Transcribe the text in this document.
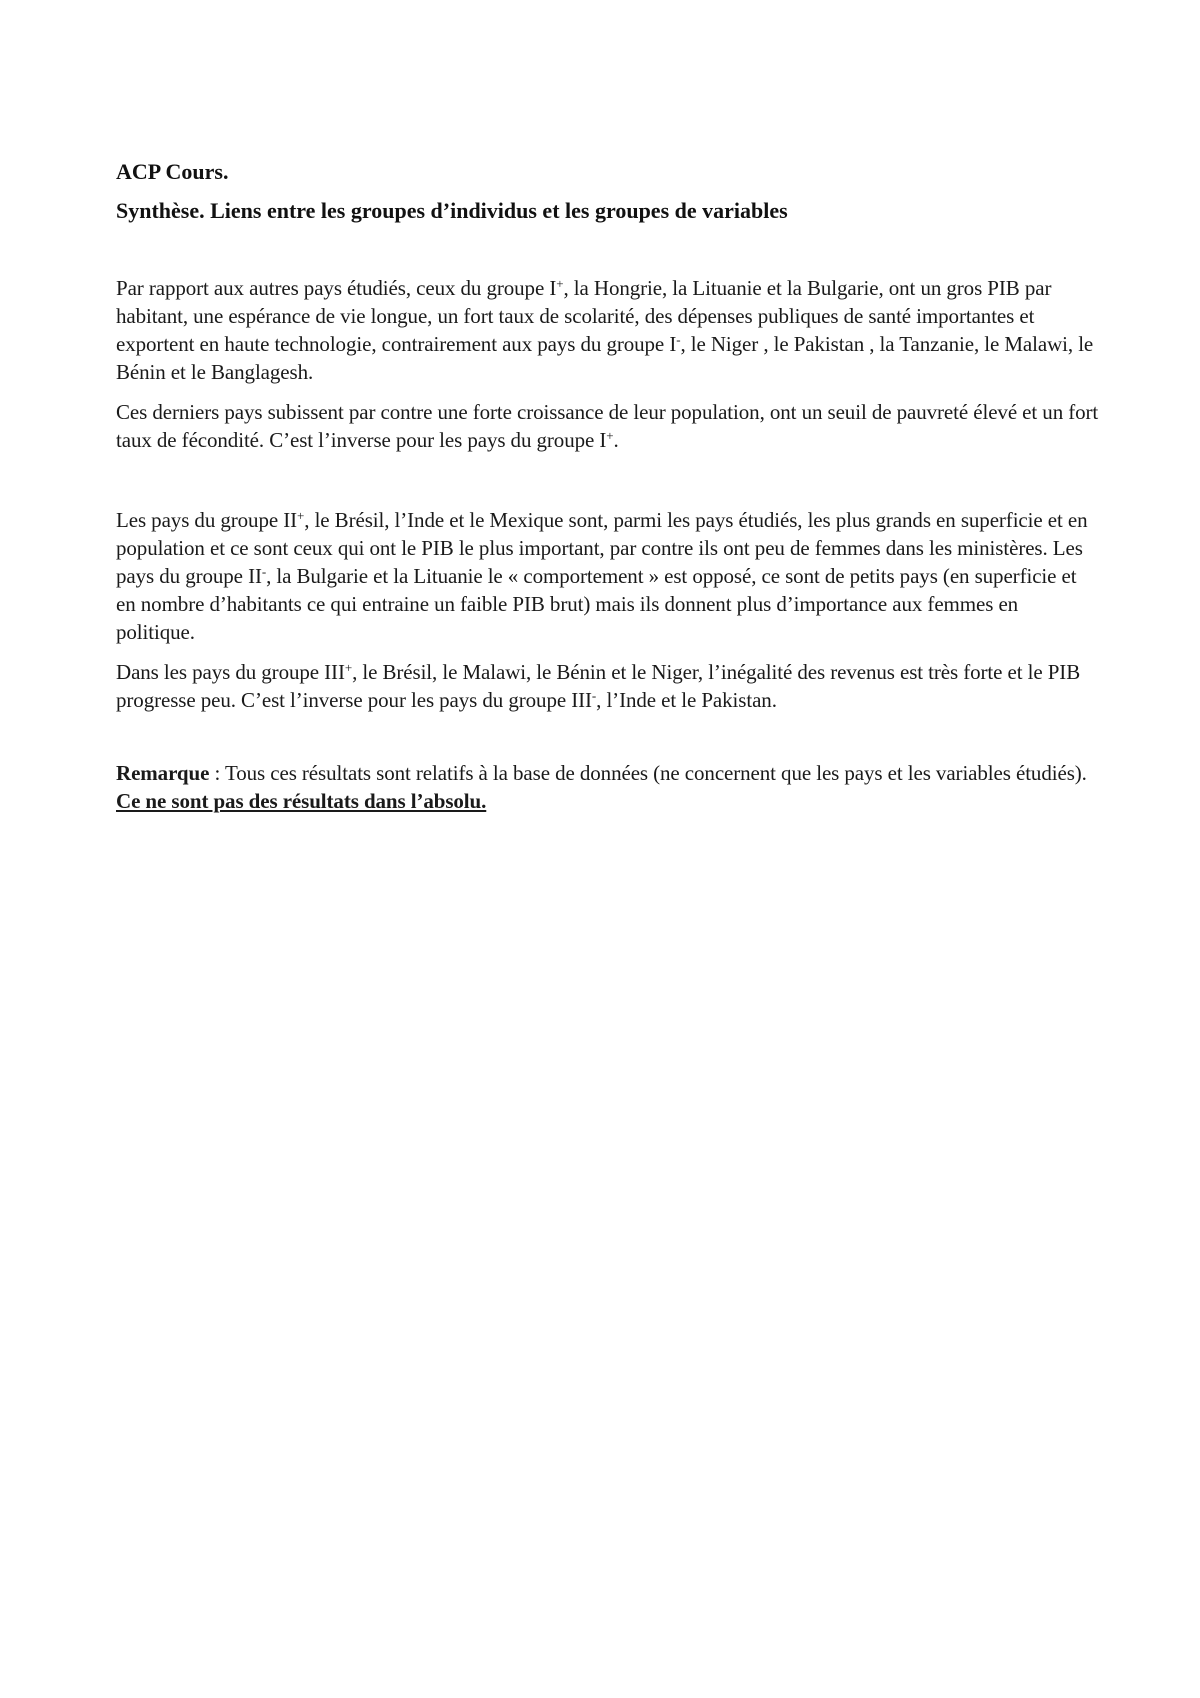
ACP Cours.
Synthèse. Liens entre les groupes d’individus et les groupes de variables

Par rapport aux autres pays étudiés, ceux du groupe I+, la Hongrie, la Lituanie et la Bulgarie, ont un gros PIB par habitant, une espérance de vie longue, un fort taux de scolarité, des dépenses publiques de santé importantes et exportent en haute technologie, contrairement aux pays du groupe I-, le Niger , le Pakistan , la Tanzanie, le Malawi, le Bénin et le Banglagesh.

Ces derniers pays subissent par contre une forte croissance de leur population, ont un seuil de pauvreté élevé et un fort taux de fécondité. C’est l’inverse pour les pays du groupe I+.

Les pays du groupe II+, le Brésil, l’Inde et le Mexique sont, parmi les pays étudiés, les plus grands en superficie et en population et ce sont ceux qui ont le PIB le plus important, par contre ils ont peu de femmes dans les ministères. Les pays du groupe II-, la Bulgarie et la Lituanie le « comportement » est opposé, ce sont de petits pays (en superficie et en nombre d’habitants ce qui entraine un faible PIB brut) mais ils donnent plus d’importance aux femmes en politique.

Dans les pays du groupe III+, le Brésil, le Malawi, le Bénin et le Niger, l’inégalité des revenus est très forte et le PIB progresse peu. C’est l’inverse pour les pays du groupe III-, l’Inde et le Pakistan.

Remarque : Tous ces résultats sont relatifs à la base de données (ne concernent que les pays et les variables étudiés). Ce ne sont pas des résultats dans l’absolu.
